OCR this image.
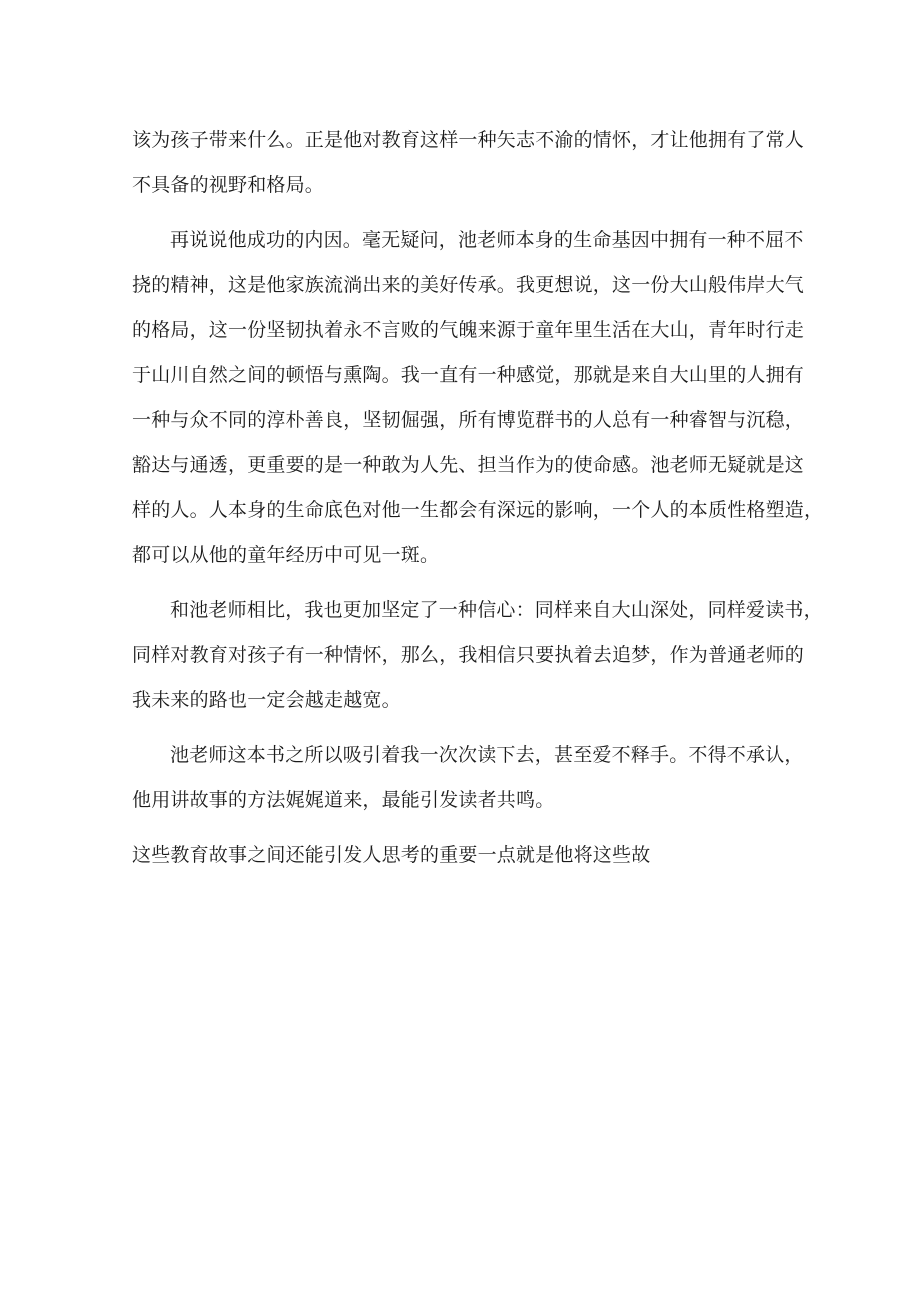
该为孩子带来什么。正是他对教育这样一种矢志不渝的情怀，才让他拥有了常人
不具备的视野和格局。
再说说他成功的内因。毫无疑问，池老师本身的生命基因中拥有一种不屈不
挠的精神，这是他家族流淌出来的美好传承。我更想说，这一份大山般伟岸大气
的格局，这一份坚韧执着永不言败的气魄来源于童年里生活在大山，青年时行走
于山川自然之间的顿悟与熏陶。我一直有一种感觉，那就是来自大山里的人拥有
一种与众不同的淳朴善良，坚韧倔强，所有博览群书的人总有一种睿智与沉稳，
豁达与通透，更重要的是一种敢为人先、担当作为的使命感。池老师无疑就是这
样的人。人本身的生命底色对他一生都会有深远的影响，一个人的本质性格塑造，
都可以从他的童年经历中可见一斑。
和池老师相比，我也更加坚定了一种信心：同样来自大山深处，同样爱读书，
同样对教育对孩子有一种情怀，那么，我相信只要执着去追梦，作为普通老师的
我未来的路也一定会越走越宽。
池老师这本书之所以吸引着我一次次读下去，甚至爱不释手。不得不承认，
他用讲故事的方法娓娓道来，最能引发读者共鸣。
这些教育故事之间还能引发人思考的重要一点就是他将这些故
